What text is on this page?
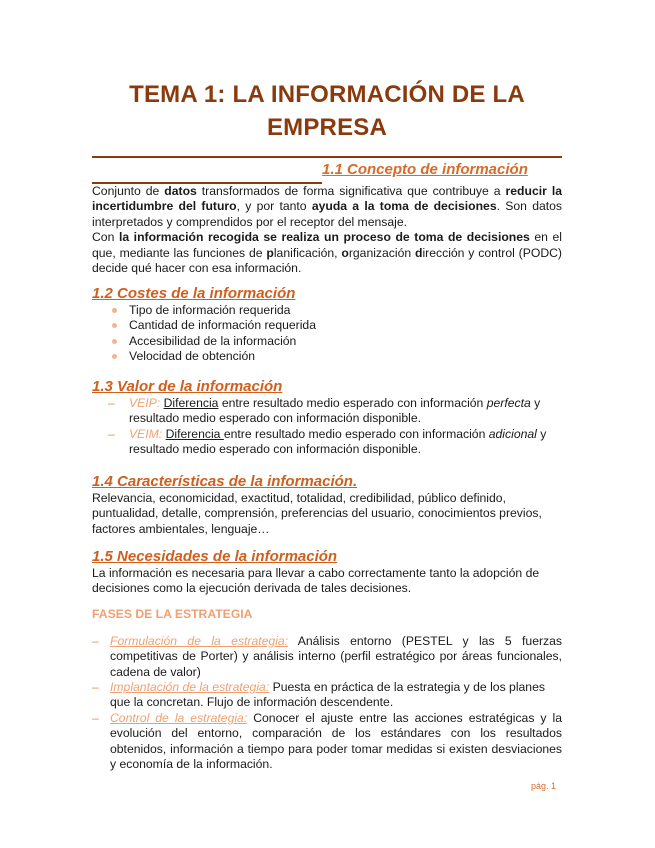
TEMA 1: LA INFORMACIÓN DE LA
EMPRESA
1.1 Concepto de información

Conjunto de datos transformados de forma significativa que contribuye a reducir la incertidumbre del futuro, y por tanto ayuda a la toma de decisiones. Son datos interpretados y comprendidos por el receptor del mensaje.

Con la información recogida se realiza un proceso de toma de decisiones en el que, mediante las funciones de planificación, organización dirección y control (PODC) decide qué hacer con esa información.

1.2 Costes de la información

Tipo de información requerida
Cantidad de información requerida
Accesibilidad de la información
Velocidad de obtención

1.3 Valor de la información

– VEIP: Diferencia entre resultado medio esperado con información perfecta y resultado medio esperado con información disponible.
– VEIM: Diferencia entre resultado medio esperado con información adicional y resultado medio esperado con información disponible.

1.4 Características de la información.

Relevancia, economicidad, exactitud, totalidad, credibilidad, público definido, puntualidad, detalle, comprensión, preferencias del usuario, conocimientos previos, factores ambientales, lenguaje…

1.5 Necesidades de la información

La información es necesaria para llevar a cabo correctamente tanto la adopción de decisiones como la ejecución derivada de tales decisiones.

FASES DE LA ESTRATEGIA
– Formulación de la estrategia: Análisis entorno (PESTEL y las 5 fuerzas competitivas de Porter) y análisis interno (perfil estratégico por áreas funcionales, cadena de valor)
– Implantación de la estrategia: Puesta en práctica de la estrategia y de los planes que la concretan. Flujo de información descendente.
– Control de la estrategia: Conocer el ajuste entre las acciones estratégicas y la evolución del entorno, comparación de los estándares con los resultados obtenidos, información a tiempo para poder tomar medidas si existen desviaciones y economía de la información.
pág. 1
